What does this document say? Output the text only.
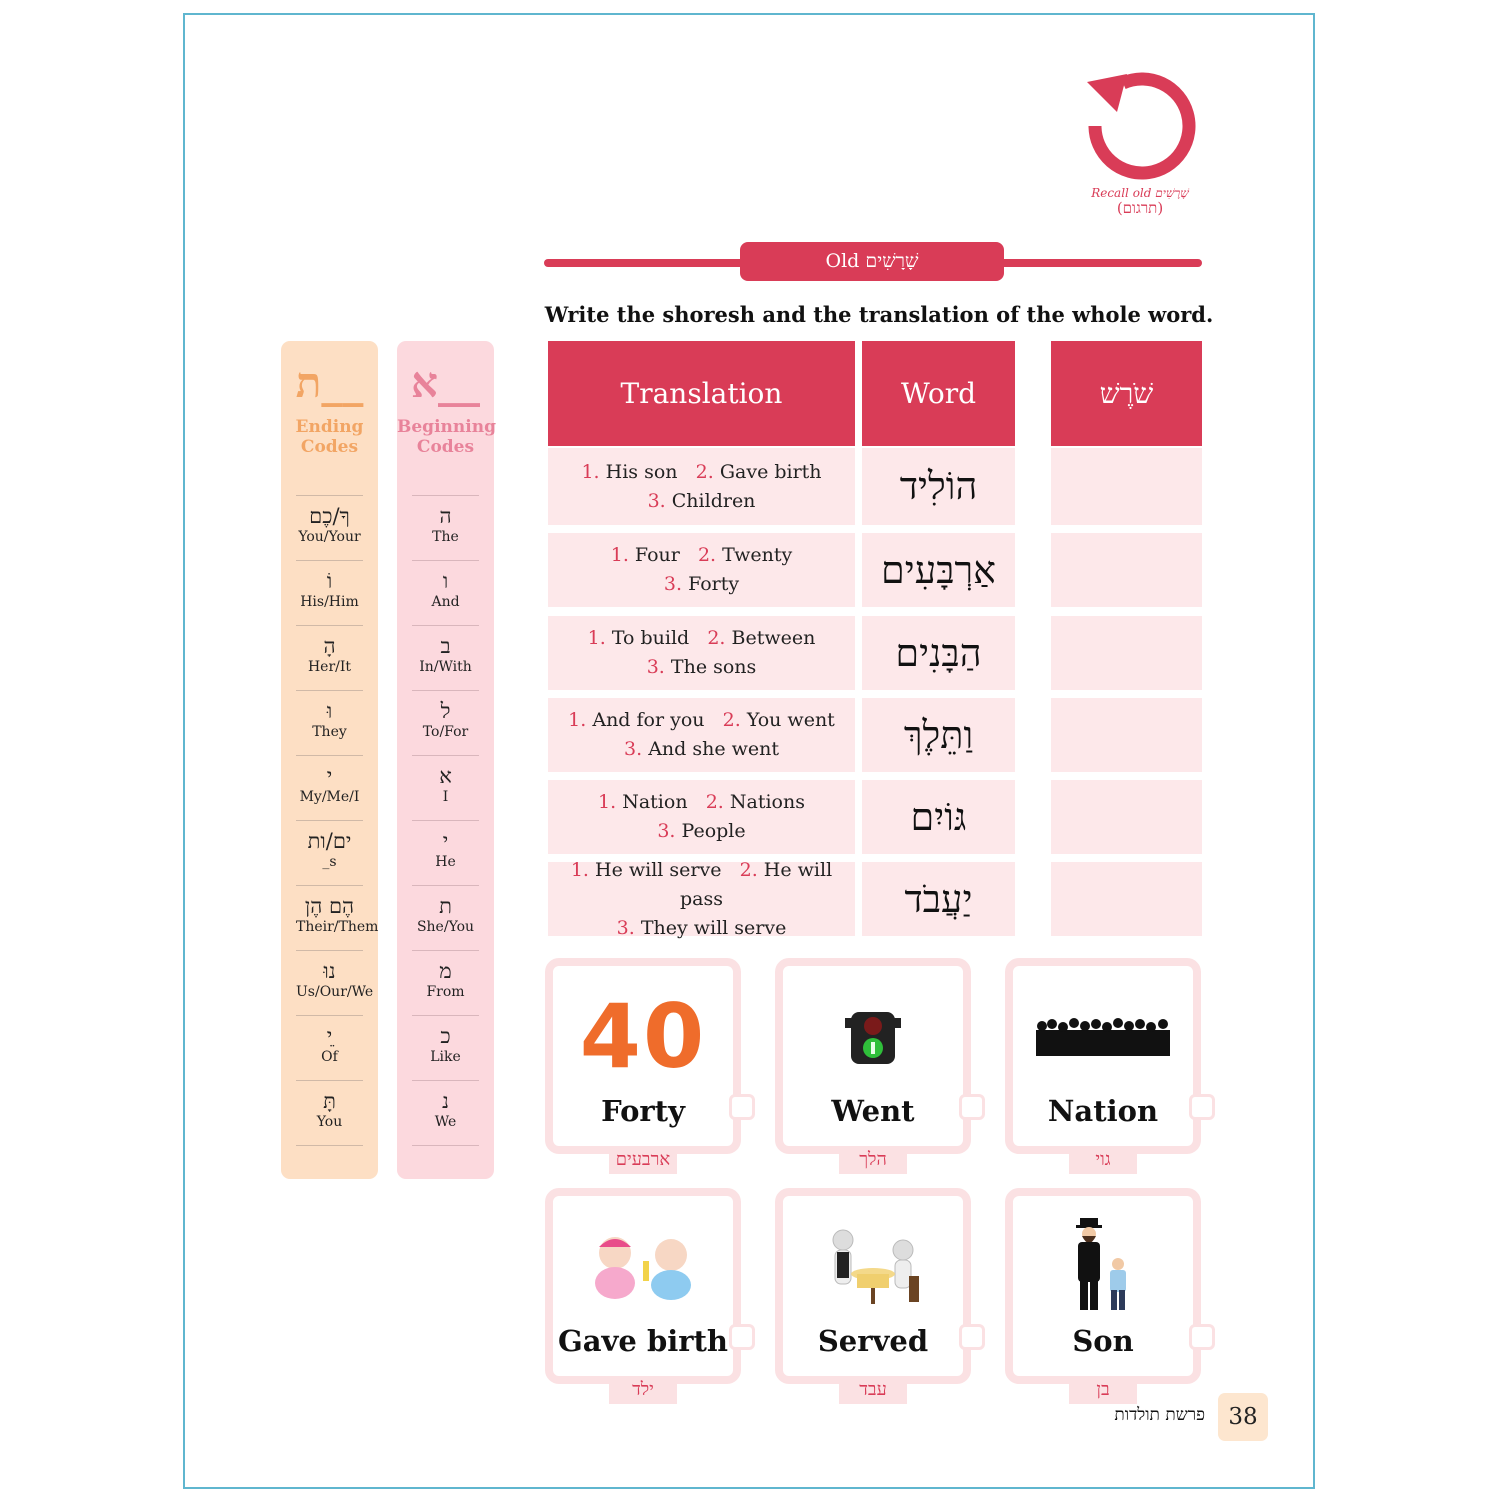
Recall old שָׁרָשִׁים
(תרגום)
Old שָׁרָשִׁים
Write the shoresh and the translation of the whole word.
Translation	Word	שֹׁרֶשׁ
1. His son 2. Gave birth
3. Children	הוֹלִיד
1. Four 2. Twenty
3. Forty	אַרְבָּעִים
1. To build 2. Between
3. The sons	הַבָּנִים
1. And for you 2. You went
3. And she went	וַתֵּלֶךְ
1. Nation 2. Nations
3. People	גּוֹיִם
1. He will serve 2. He will pass
3. They will serve
יַעֲבֹד
ת__
Ending
Codes
ךָ/כֶם
You/Your
וֹ
His/Him
הָ
Her/It
וּ
They
י
My/Me/I
ים/ות
_s
הֶם הֶן
Their/Them
נוּ
Us/Our/We
ֵי
Of
תָּ
You
א__
Beginning
Codes
ה
The
ו
And
ב
In/With
ל
To/For
א
I
י
He
ת
She/You
מ
From
כ
Like
נ
We
40
Forty
ארבעים
Went
הלך
Nation
גוי
Gave birth
ילד
Served
עבד
Son
בן
פרשת תולדות	38
